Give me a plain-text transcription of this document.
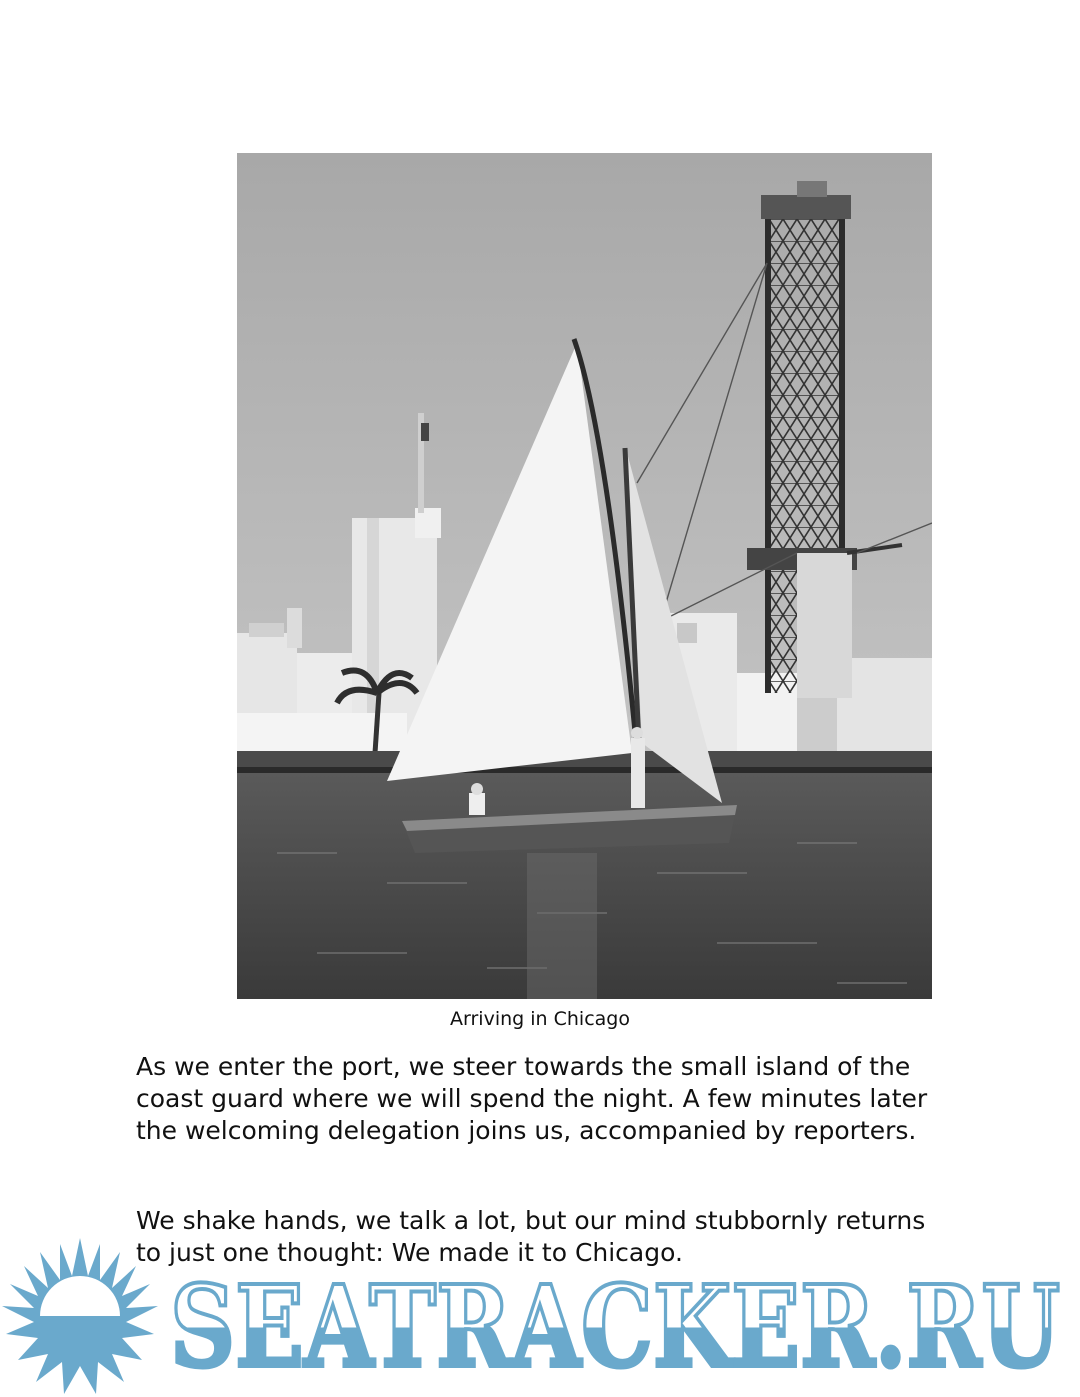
Arriving in Chicago

As we enter the port, we steer towards the small island of the coast guard where we will spend the night. A few minutes later the welcoming delegation joins us, accompanied by reporters.

We shake hands, we talk a lot, but our mind stubbornly returns to just one thought: We made it to Chicago.

SEATRACKER.RU
